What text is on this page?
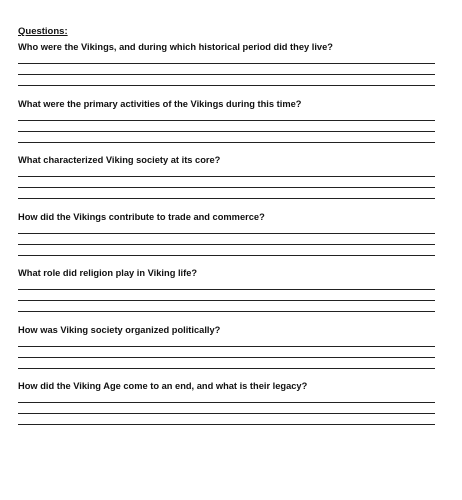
Questions:
Who were the Vikings, and during which historical period did they live?
What were the primary activities of the Vikings during this time?
What characterized Viking society at its core?
How did the Vikings contribute to trade and commerce?
What role did religion play in Viking life?
How was Viking society organized politically?
How did the Viking Age come to an end, and what is their legacy?
